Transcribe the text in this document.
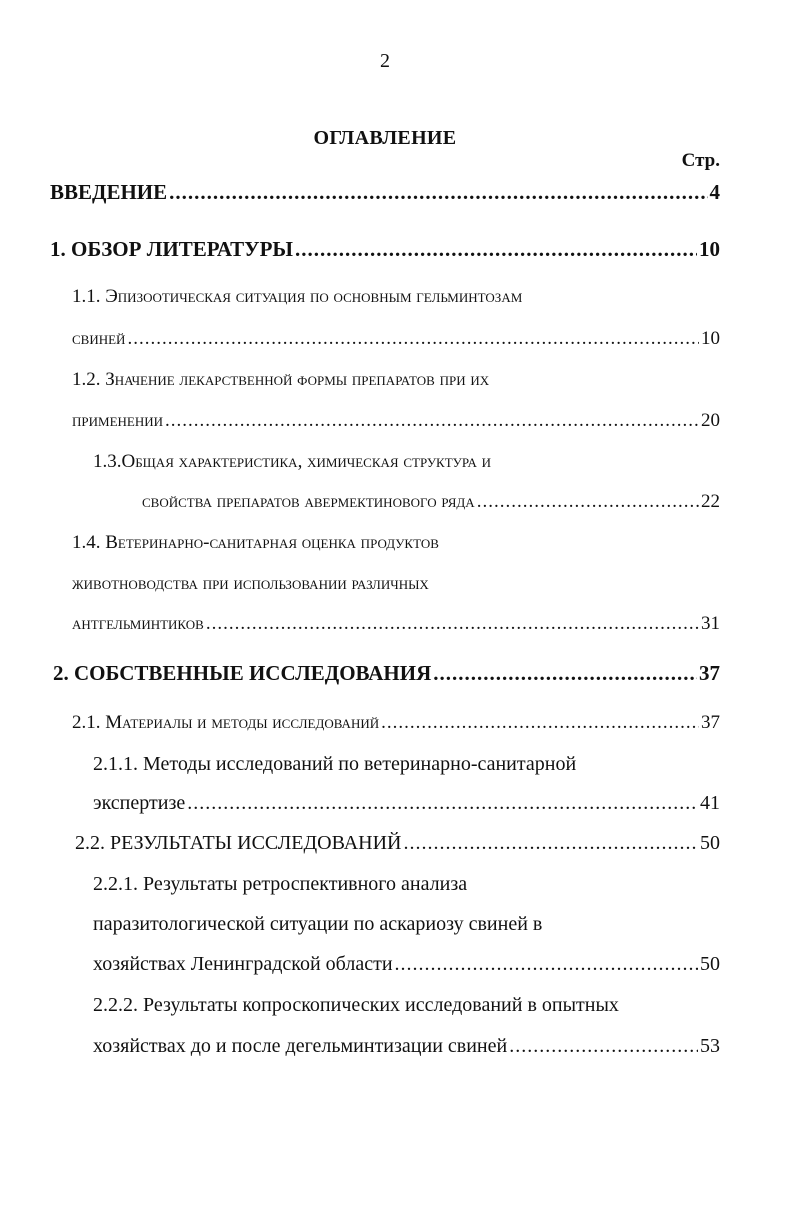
2
ОГЛАВЛЕНИЕ
Стр.
ВВЕДЕНИЕ .....	4
1. ОБЗОР ЛИТЕРАТУРЫ .....	10
1.1. Эпизоотическая ситуация по основным гельминтозам
свиней .....	10
1.2. Значение лекарственной формы препаратов при их
применении .....	20
1.3.Общая характеристика, химическая структура и
свойства препаратов авермектинового ряда .....	22
1.4. Ветеринарно-санитарная оценка продуктов
животноводства при использовании различных
антгельминтиков .....	31
2. СОБСТВЕННЫЕ ИССЛЕДОВАНИЯ .....	37
2.1. Материалы и методы исследований .....	37
2.1.1. Методы исследований по ветеринарно-санитарной
экспертизе .....	41
2.2. РЕЗУЛЬТАТЫ ИССЛЕДОВАНИЙ .....	50
2.2.1. Результаты ретроспективного анализа
паразитологической ситуации по аскариозу свиней в
хозяйствах Ленинградской области .....	50
2.2.2. Результаты копроскопических исследований в опытных
хозяйствах до и после дегельминтизации свиней .....	53
